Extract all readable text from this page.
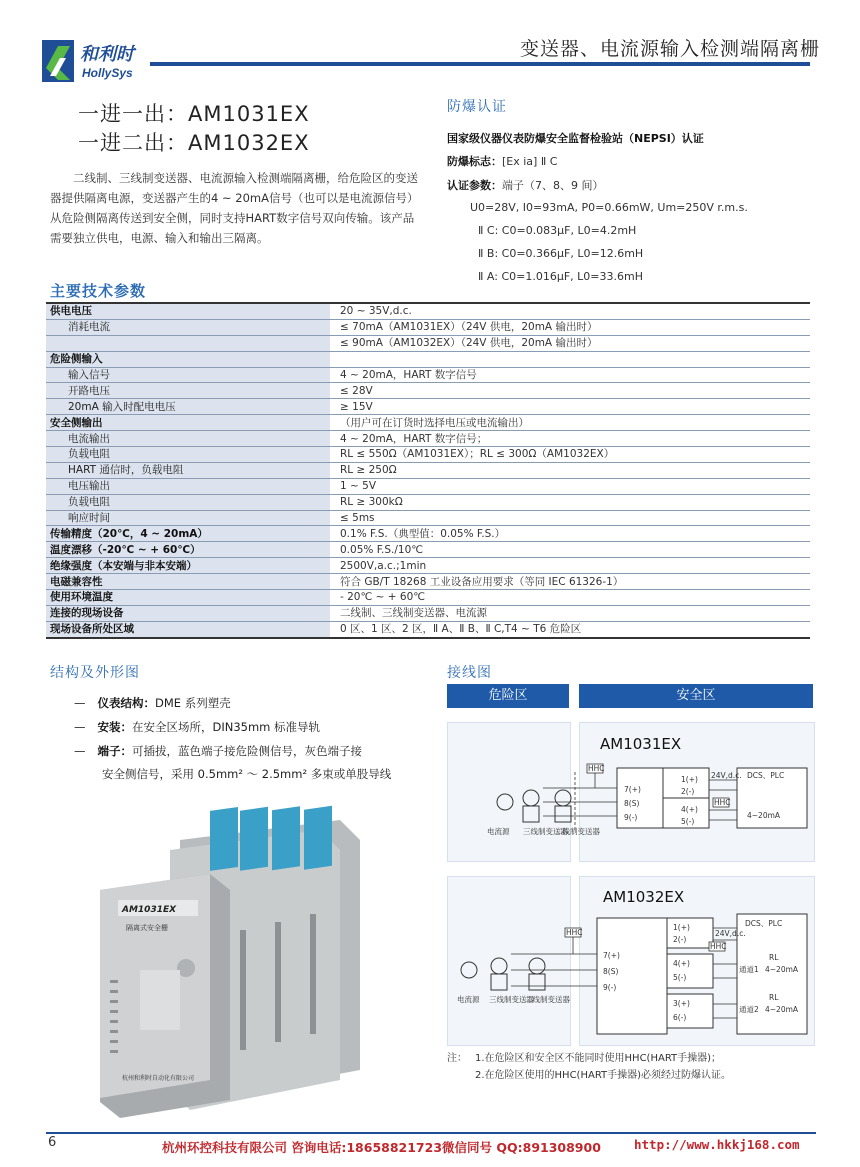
和利时
HollySys
变送器、电流源输入检测端隔离栅
一进一出：AM1031EX
一进二出：AM1032EX
二线制、三线制变送器、电流源输入检测端隔离栅，给危险区的变送器提供隔离电源，变送器产生的4 ~ 20mA信号（也可以是电流源信号）从危险侧隔离传送到安全侧，同时支持HART数字信号双向传输。该产品需要独立供电，电源、输入和输出三隔离。
防爆认证
国家级仪器仪表防爆安全监督检验站（NEPSI）认证
防爆标志：[Ex ia] Ⅱ C
认证参数：端子（7、8、9 间）
U0=28V, I0=93mA, P0=0.66mW, Um=250V r.m.s.
Ⅱ C: C0=0.083μF, L0=4.2mH
Ⅱ B: C0=0.366μF, L0=12.6mH
Ⅱ A: C0=1.016μF, L0=33.6mH
主要技术参数
供电电压	20 ~ 35V,d.c.
消耗电流	≤ 70mA（AM1031EX）（24V 供电，20mA 输出时）
	≤ 90mA（AM1032EX）（24V 供电，20mA 输出时）
危险侧输入	
输入信号	4 ~ 20mA，HART 数字信号
开路电压	≤ 28V
20mA 输入时配电电压	≥ 15V
安全侧输出	（用户可在订货时选择电压或电流输出）
电流输出	4 ~ 20mA，HART 数字信号；
负载电阻	RL ≤ 550Ω（AM1031EX）；RL ≤ 300Ω（AM1032EX）
HART 通信时，负载电阻	RL ≥ 250Ω
电压输出	1 ~ 5V
负载电阻	RL ≥ 300kΩ
响应时间	≤ 5ms
传输精度（20℃，4 ~ 20mA）	0.1% F.S.（典型值：0.05% F.S.）
温度漂移（-20℃ ~ + 60℃）	0.05% F.S./10℃
绝缘强度（本安端与非本安端）	2500V,a.c.;1min
电磁兼容性	符合 GB/T 18268 工业设备应用要求（等同 IEC 61326-1）
使用环境温度	- 20℃ ~ + 60℃
连接的现场设备	二线制、三线制变送器、电流源
现场设备所处区域	0 区、1 区、2 区，Ⅱ A、Ⅱ B、Ⅱ C,T4 ~ T6 危险区
结构及外形图
— 仪表结构：DME 系列塑壳
— 安装：在安全区场所，DIN35mm 标准导轨
— 端子：可插拔，蓝色端子接危险侧信号，灰色端子接
安全侧信号，采用 0.5mm² ～ 2.5mm² 多束或单股导线
AM1031EX
隔离式安全栅
杭州和利时自动化有限公司
接线图
危险区	安全区
AM1031EX
7(+)
8(S)
9(-)
1(+)
2(-)
4(+)
5(-)
HHC
HHC
DCS、PLC
24V,d.c.
4~20mA
电流源 三线制变送器
二线制变送器
AM1032EX
7(+)
8(S)
9(-)
1(+)
2(-)
4(+)
5(-)
3(+)
6(-)
HHC
HHC
DCS、PLC
24V,d.c.
通道1
通道2
4~20mA
4~20mA
RL
RL
电流源 三线制变送器
二线制变送器
注： 1.在危险区和安全区不能同时使用HHC(HART手操器)；
2.在危险区使用的HHC(HART手操器)必须经过防爆认证。
6	杭州环控科技有限公司 咨询电话:18658821723微信同号 QQ:891308900	http://www.hkkj168.com
